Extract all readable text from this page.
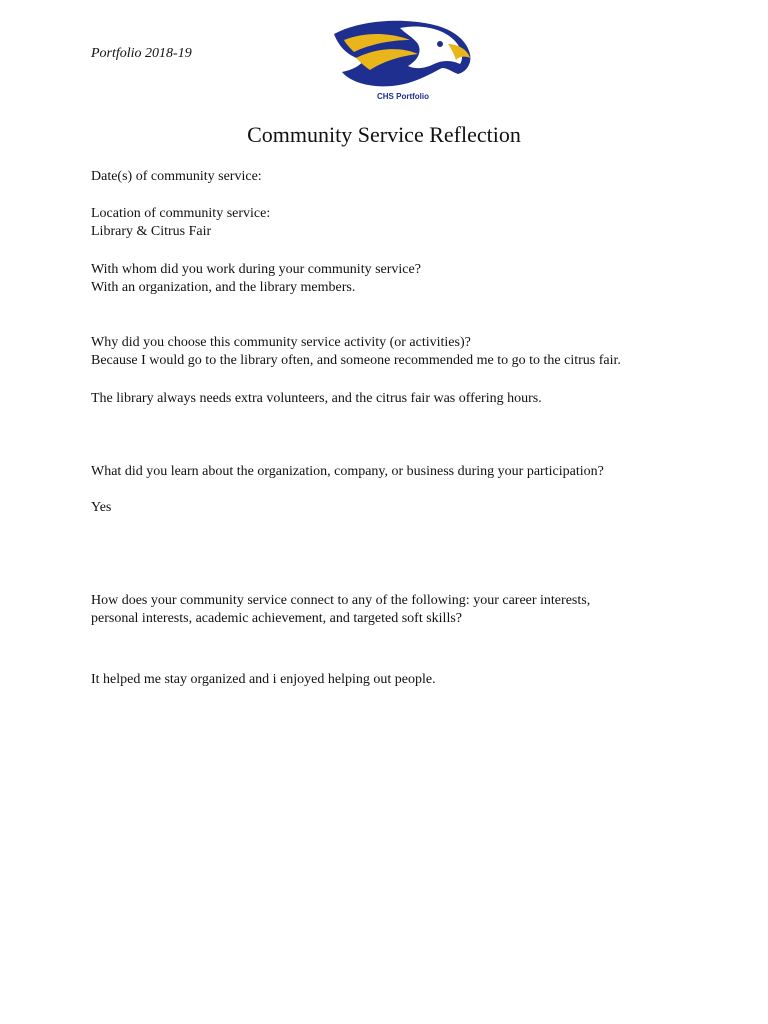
Portfolio 2018-19

CHS Portfolio
Community Service Reflection

Date(s) of community service:

Location of community service:

Library & Citrus Fair

With whom did you work during your community service?

With an organization, and the library members.

Why did you choose this community service activity (or activities)?

Because I would go to the library often, and someone recommended me to go to the citrus fair.

The library always needs extra volunteers, and the citrus fair was offering hours.

What did you learn about the organization, company, or business during your participation?

Yes

How does your community service connect to any of the following: your career interests,

personal interests, academic achievement, and targeted soft skills?

It helped me stay organized and i enjoyed helping out people.
